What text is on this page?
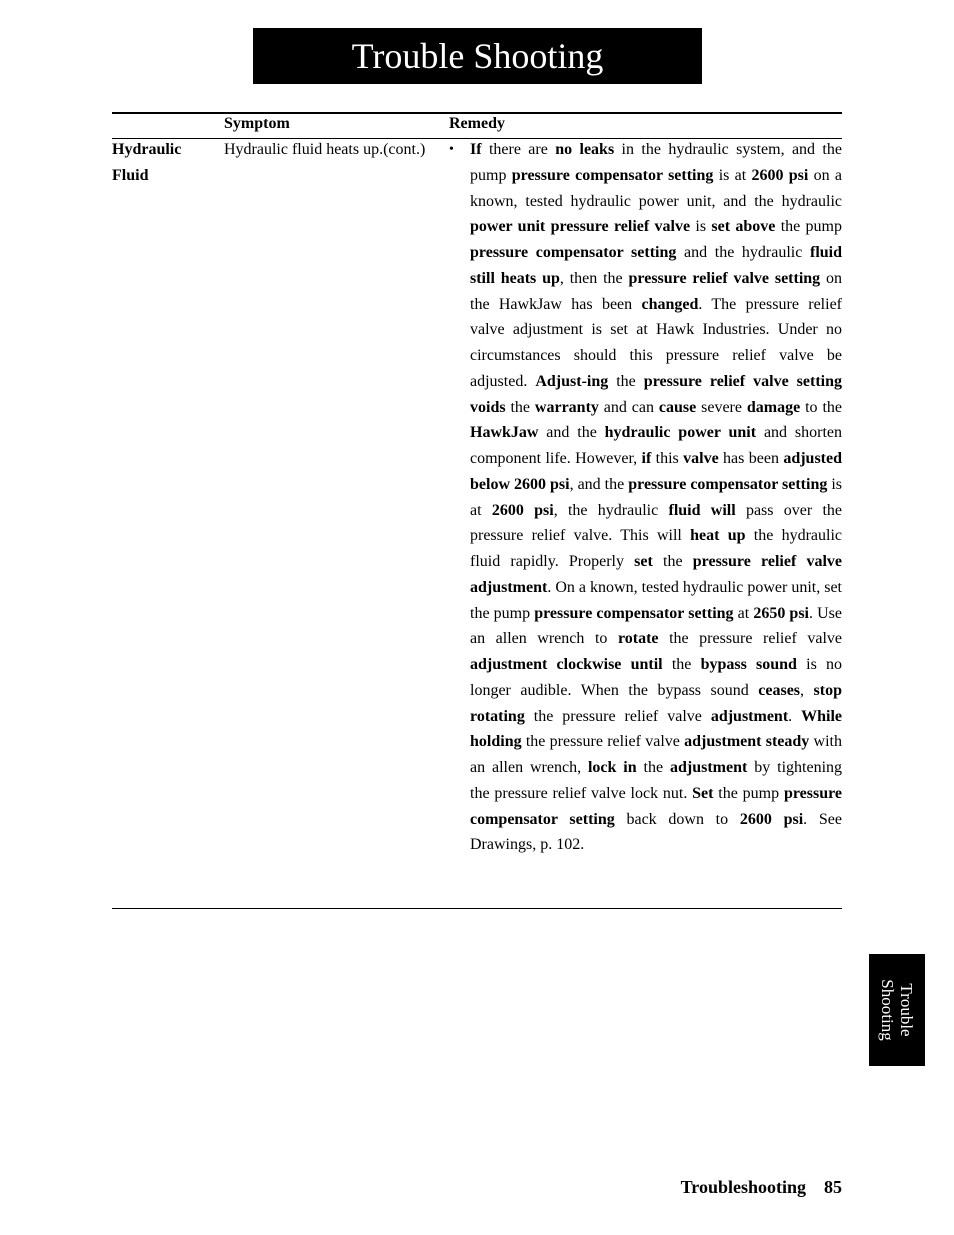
Trouble Shooting
Symptom	Remedy
Hydraulic Fluid
Hydraulic fluid heats up.(cont.)	• If there are no leaks in the hydraulic system, and the pump pressure compensator setting is at 2600 psi on a known, tested hydraulic power unit, and the hydraulic power unit pressure relief valve is set above the pump pressure compensator setting and the hydraulic fluid still heats up, then the pressure relief valve setting on the HawkJaw has been changed. The pressure relief valve adjustment is set at Hawk Industries. Under no circumstances should this pressure relief valve be adjusted. Adjust-ing the pressure relief valve setting voids the warranty and can cause severe damage to the HawkJaw and the hydraulic power unit and shorten component life. However, if this valve has been adjusted below 2600 psi, and the pressure compensator setting is at 2600 psi, the hydraulic fluid will pass over the pressure relief valve. This will heat up the hydraulic fluid rapidly. Properly set the pressure relief valve adjustment. On a known, tested hydraulic power unit, set the pump pressure compensator setting at 2650 psi. Use an allen wrench to rotate the pressure relief valve adjustment clockwise until the bypass sound is no longer audible. When the bypass sound ceases, stop rotating the pressure relief valve adjustment. While holding the pressure relief valve adjustment steady with an allen wrench, lock in the adjustment by tightening the pressure relief valve lock nut. Set the pump pressure compensator setting back down to 2600 psi. See Drawings, p. 102.
Trouble
Shooting
Troubleshooting 85
